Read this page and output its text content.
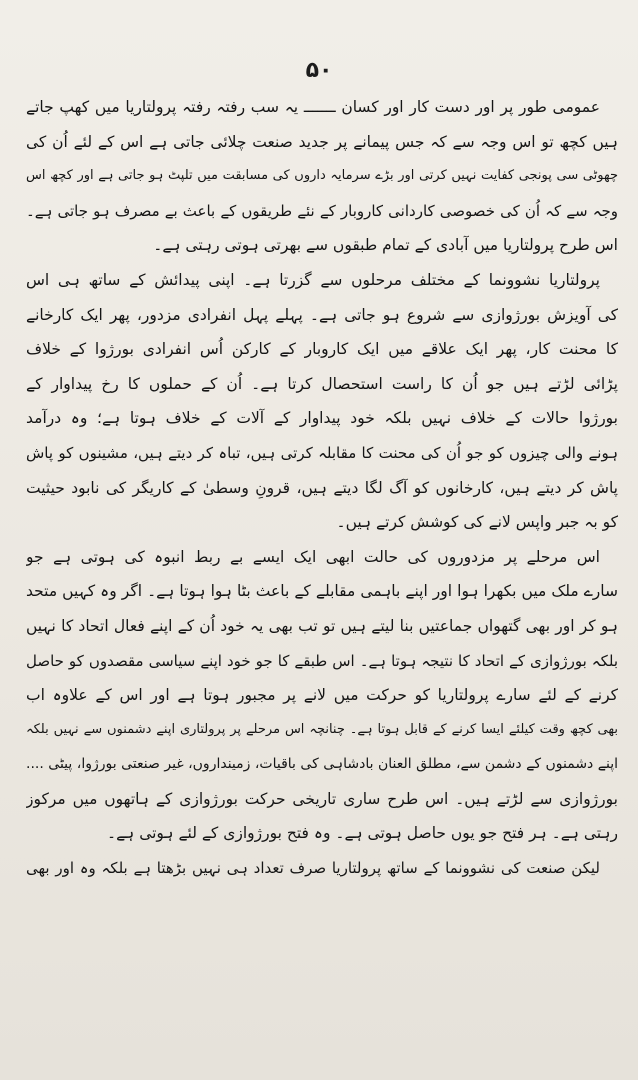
۵۰
عمومی طور پر اور دست کار اور کسان ـــــــ یہ سب رفتہ رفتہ پرولتاریا میں کھپ جاتے
ہیں کچھ تو اس وجہ سے کہ جس پیمانے پر جدید صنعت چلائی جاتی ہے اس کے لئے اُن کی
چھوٹی سی پونجی کفایت نہیں کرتی اور بڑے سرمایہ داروں کی مسابقت میں تلپٹ ہو جاتی ہے اور کچھ اس
وجہ سے کہ اُن کی خصوصی کاردانی کاروبار کے نئے طریقوں کے باعث بے مصرف ہو جاتی ہے۔
اس طرح پرولتاریا میں آبادی کے تمام طبقوں سے بھرتی ہوتی رہتی ہے۔
پرولتاریا نشوونما کے مختلف مرحلوں سے گزرتا ہے۔ اپنی پیدائش کے ساتھ ہی اس
کی آویزش بورژوازی سے شروع ہو جاتی ہے۔ پہلے پہل انفرادی مزدور، پھر ایک کارخانے
کا محنت کار، پھر ایک علاقے میں ایک کاروبار کے کارکن اُس انفرادی بورژوا کے خلاف
پڑائی لڑتے ہیں جو اُن کا راست استحصال کرتا ہے۔ اُن کے حملوں کا رخ پیداوار کے
بورژوا حالات کے خلاف نہیں بلکہ خود پیداوار کے آلات کے خلاف ہوتا ہے؛ وہ درآمد
ہونے والی چیزوں کو جو اُن کی محنت کا مقابلہ کرتی ہیں، تباہ کر دیتے ہیں، مشینوں کو پاش
پاش کر دیتے ہیں، کارخانوں کو آگ لگا دیتے ہیں، قرونِ وسطیٰ کے کاریگر کی نابود حیثیت
کو بہ جبر واپس لانے کی کوشش کرتے ہیں۔
اس مرحلے پر مزدوروں کی حالت ابھی ایک ایسے بے ربط انبوہ کی ہوتی ہے جو
سارے ملک میں بکھرا ہوا اور اپنے باہمی مقابلے کے باعث بٹا ہوا ہوتا ہے۔ اگر وہ کہیں متحد
ہو کر اور بھی گتھواں جماعتیں بنا لیتے ہیں تو تب بھی یہ خود اُن کے اپنے فعال اتحاد کا نہیں
بلکہ بورژوازی کے اتحاد کا نتیجہ ہوتا ہے۔ اس طبقے کا جو خود اپنے سیاسی مقصدوں کو حاصل
کرنے کے لئے سارے پرولتاریا کو حرکت میں لانے پر مجبور ہوتا ہے اور اس کے علاوہ اب
بھی کچھ وقت کیلئے ایسا کرنے کے قابل ہوتا ہے۔ چنانچہ اس مرحلے پر پرولتاری اپنے دشمنوں سے نہیں بلکہ
اپنے دشمنوں کے دشمن سے، مطلق العنان بادشاہی کی باقیات، زمینداروں، غیر صنعتی بورژوا، پیٹی ....
بورژوازی سے لڑتے ہیں۔ اس طرح ساری تاریخی حرکت بورژوازی کے ہاتھوں میں مرکوز
رہتی ہے۔ ہر فتح جو یوں حاصل ہوتی ہے۔ وہ فتح بورژوازی کے لئے ہوتی ہے۔
لیکن صنعت کی نشوونما کے ساتھ پرولتاریا صرف تعداد ہی نہیں بڑھتا ہے بلکہ وہ اور بھی
